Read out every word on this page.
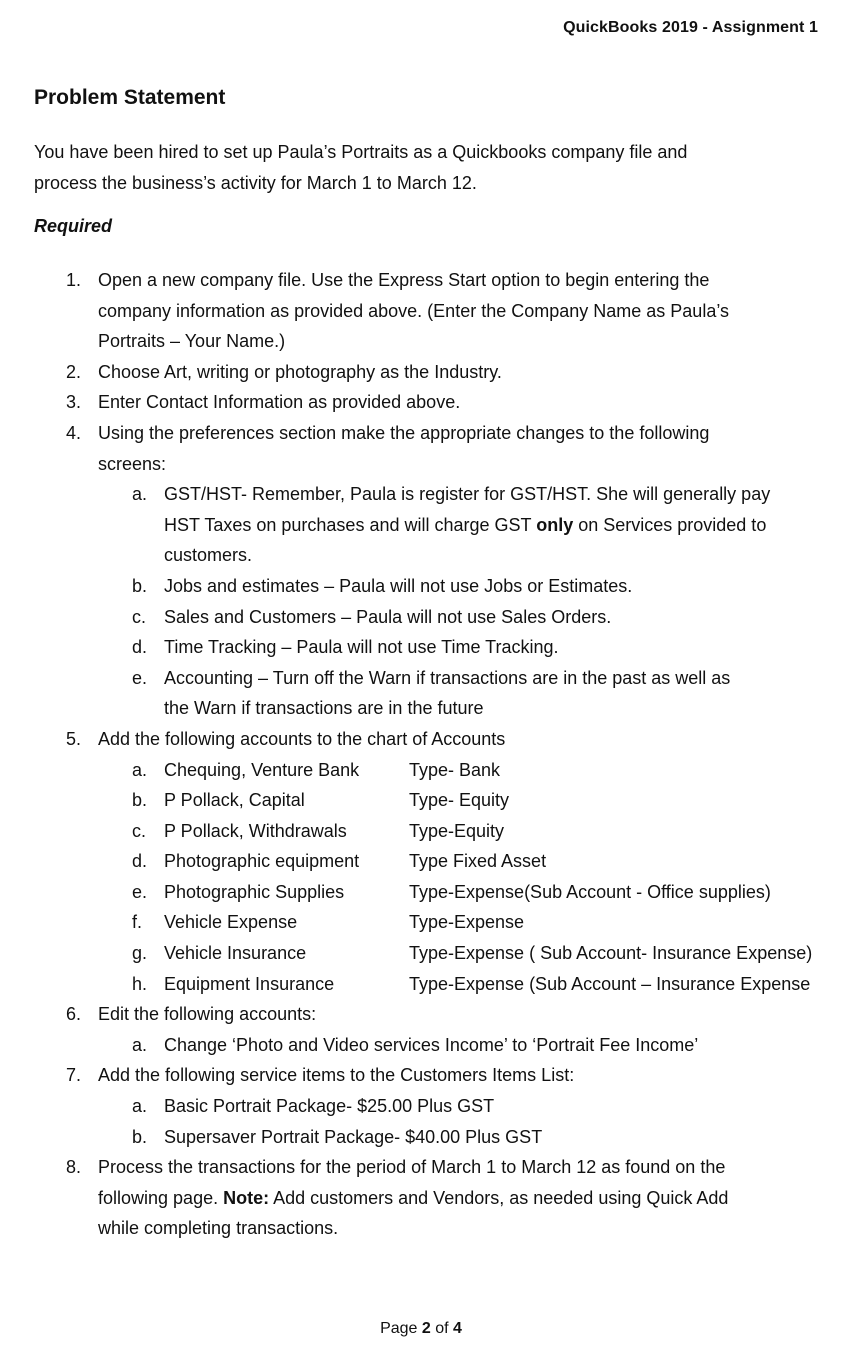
QuickBooks 2019 - Assignment 1
Problem Statement
You have been hired to set up Paula’s Portraits as a Quickbooks company file and
process the business’s activity for March 1 to March 12.
Required
1. Open a new company file. Use the Express Start option to begin entering the
company information as provided above. (Enter the Company Name as Paula’s
Portraits – Your Name.)
2. Choose Art, writing or photography as the Industry.
3. Enter Contact Information as provided above.
4. Using the preferences section make the appropriate changes to the following
screens:
a. GST/HST- Remember, Paula is register for GST/HST. She will generally pay
HST Taxes on purchases and will charge GST only on Services provided to
customers.
b. Jobs and estimates – Paula will not use Jobs or Estimates.
c. Sales and Customers – Paula will not use Sales Orders.
d. Time Tracking – Paula will not use Time Tracking.
e. Accounting – Turn off the Warn if transactions are in the past as well as
the Warn if transactions are in the future
5. Add the following accounts to the chart of Accounts
a. Chequing, Venture Bank	Type- Bank
b. P Pollack, Capital	Type- Equity
c. P Pollack, Withdrawals	Type-Equity
d. Photographic equipment	Type Fixed Asset
e. Photographic Supplies	Type-Expense(Sub Account - Office supplies)
f. Vehicle Expense	Type-Expense
g. Vehicle Insurance	Type-Expense ( Sub Account- Insurance Expense)
h. Equipment Insurance	Type-Expense (Sub Account – Insurance Expense
6. Edit the following accounts:
a. Change ‘Photo and Video services Income’ to ‘Portrait Fee Income’
7. Add the following service items to the Customers Items List:
a. Basic Portrait Package- $25.00 Plus GST
b. Supersaver Portrait Package- $40.00 Plus GST
8. Process the transactions for the period of March 1 to March 12 as found on the
following page. Note: Add customers and Vendors, as needed using Quick Add
while completing transactions.
Page 2 of 4
